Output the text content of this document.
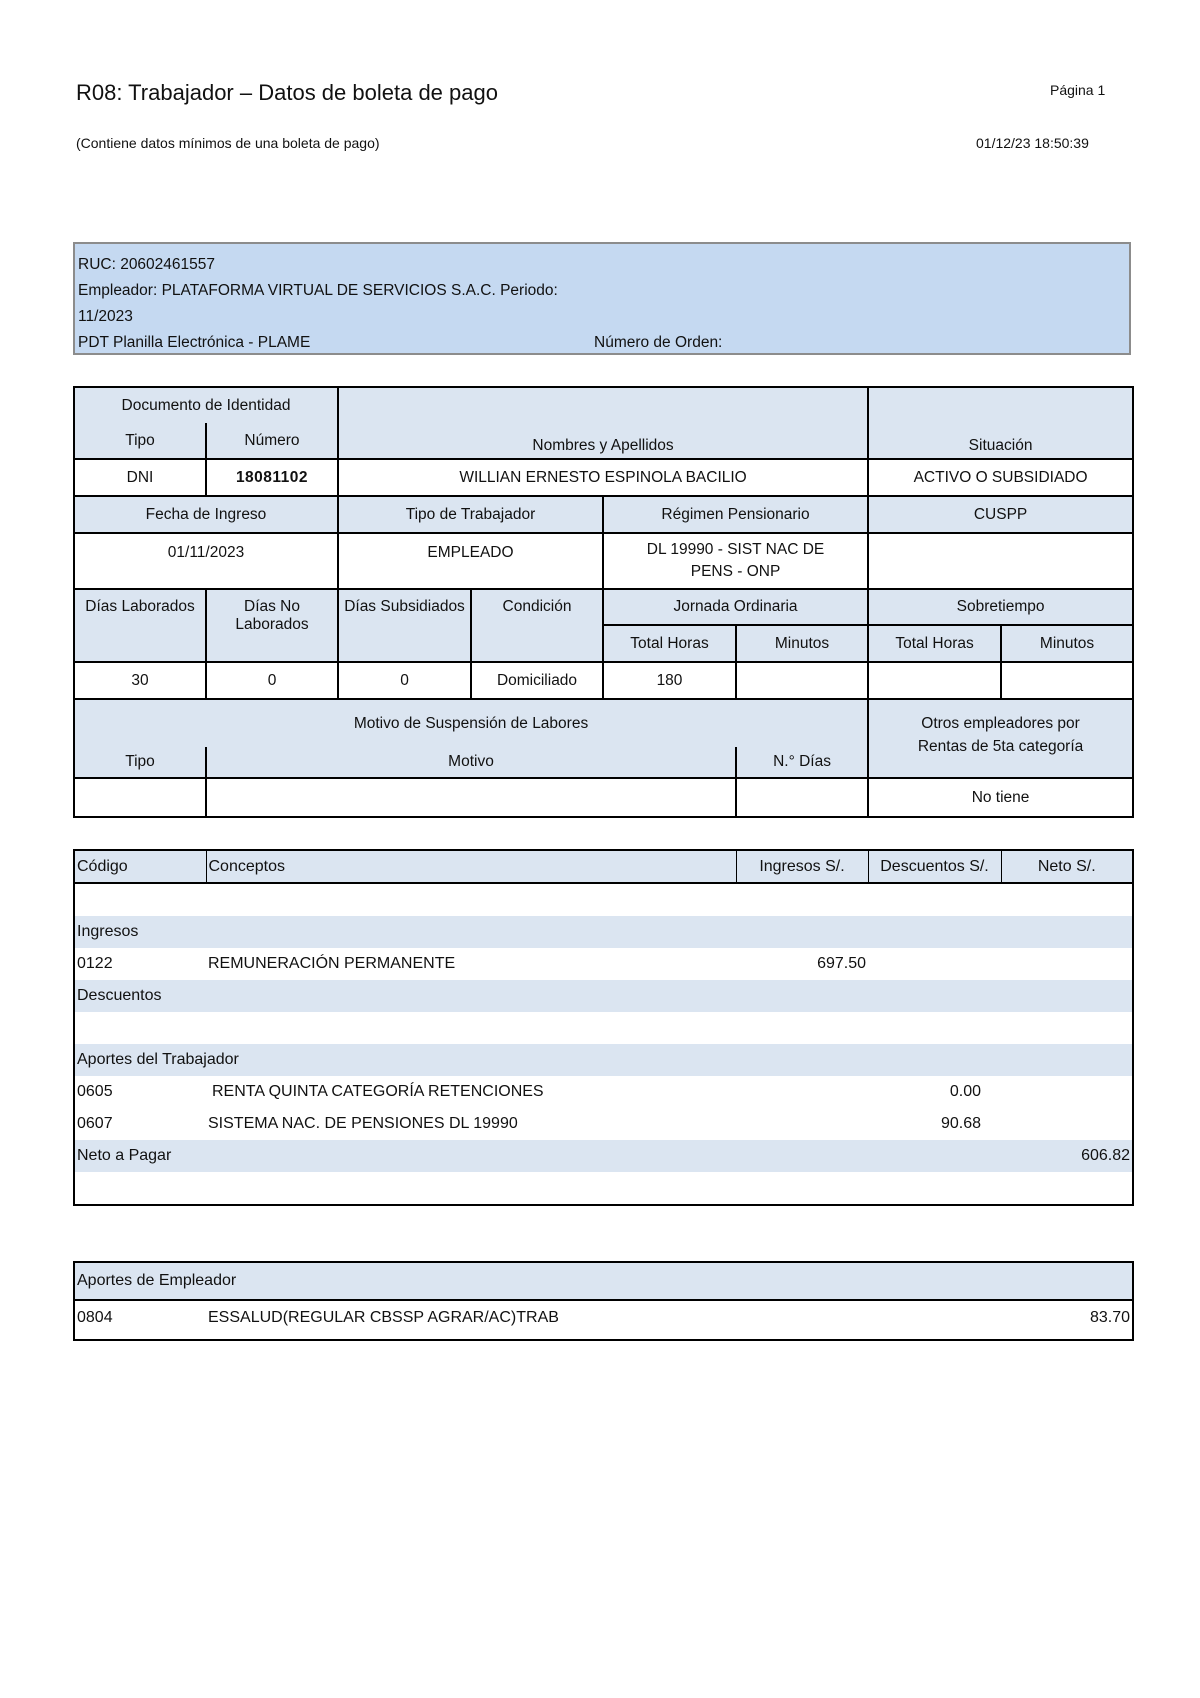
R08: Trabajador – Datos de boleta de pago	Página 1
(Contiene datos mínimos de una boleta de pago)	01/12/23 18:50:39
RUC: 20602461557
Empleador: PLATAFORMA VIRTUAL DE SERVICIOS S.A.C. Periodo:
11/2023
PDT Planilla Electrónica - PLAME	Número de Orden:
Documento de Identidad		Nombres y Apellidos				Situación	
Tipo	Número						
DNI	18081102	WILLIAN ERNESTO ESPINOLA BACILIO				ACTIVO O SUBSIDIADO	
Fecha de Ingreso		Tipo de Trabajador		Régimen Pensionario		CUSPP	
01/11/2023		EMPLEADO		DL 19990 - SIST NAC DE PENS - ONP			
Días Laborados	Días No Laborados	Días Subsidiados	Condición	Jornada Ordinaria		Sobretiempo	
				Total Horas	Minutos	Total Horas	Minutos
30	0	0	Domiciliado	180			
Motivo de Suspensión de Labores						Otros empleadores por Rentas de 5ta categoría	
Tipo	Motivo				N.° Días		
						No tiene	
Código	Conceptos	Ingresos S/.	Descuentos S/.	Neto S/.

Ingresos				
0122	REMUNERACIÓN PERMANENTE	697.50		
Descuentos				

Aportes del Trabajador				
0605	RENTA QUINTA CATEGORÍA RETENCIONES		0.00	
0607	SISTEMA NAC. DE PENSIONES DL 19990		90.68	
Neto a Pagar				606.82

Aportes de Empleador
0804	ESSALUD(REGULAR CBSSP AGRAR/AC)TRAB	83.70
